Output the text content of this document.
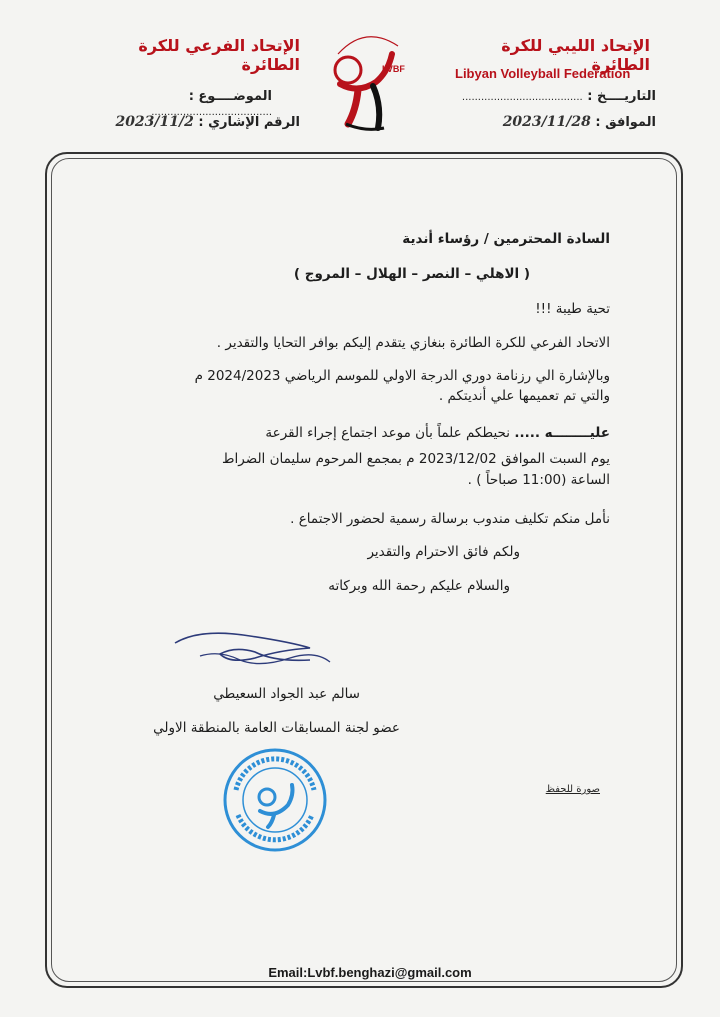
الإتحاد الفرعي للكرة الطائرة
الموضــــوع : ......................................
الرقم الإشاري : 2023/11/2
LVBF
الإتحاد الليبي للكرة الطائرة
Libyan Volleyball Federation
التاريــــخ : ......................................
الموافق : 2023/11/28
السادة المحترمين / رؤساء أندية
( الاهلي – النصر – الهلال – المروج )
تحية طيبة !!!
الاتحاد الفرعي للكرة الطائرة بنغازي يتقدم إليكم بوافر التحايا والتقدير .
وبالإشارة الي رزنامة دوري الدرجة الاولي للموسم الرياضي 2024/2023 م
والتي تم تعميمها علي أنديتكم .
عليــــــــه ..... نحيطكم علماً بأن موعد اجتماع إجراء القرعة
يوم السبت الموافق 2023/12/02 م بمجمع المرحوم سليمان الضراط
الساعة (11:00 صباحاً ) .
نأمل منكم تكليف مندوب برسالة رسمية لحضور الاجتماع .
ولكم فائق الاحترام والتقدير
والسلام عليكم رحمة الله وبركاته
سالم عبد الجواد السعيطي
عضو لجنة المسابقات العامة بالمنطقة الاولي
صورة للحفظ
Email:Lvbf.benghazi@gmail.com
